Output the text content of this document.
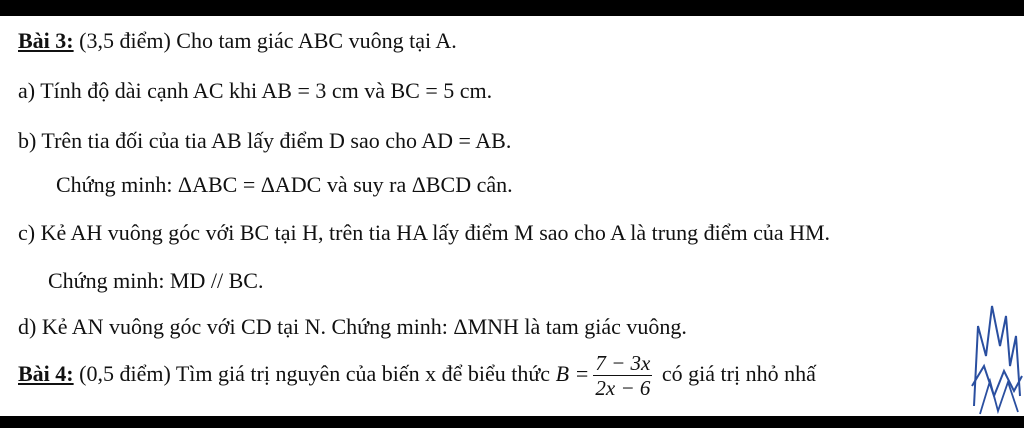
Bài 3: (3,5 điểm) Cho tam giác ABC vuông tại A.
a) Tính độ dài cạnh AC khi AB = 3 cm và BC = 5 cm.
b) Trên tia đối của tia AB lấy điểm D sao cho AD = AB.
Chứng minh: ΔABC = ΔADC và suy ra ΔBCD cân.
c) Kẻ AH vuông góc với BC tại H, trên tia HA lấy điểm M sao cho A là trung điểm của HM.
Chứng minh: MD // BC.
d) Kẻ AN vuông góc với CD tại N. Chứng minh: ΔMNH là tam giác vuông.
Bài 4: (0,5 điểm) Tìm giá trị nguyên của biến x để biểu thức $B = \frac{7 - 3x}{2x - 6}$ có giá trị nhỏ nhấ
